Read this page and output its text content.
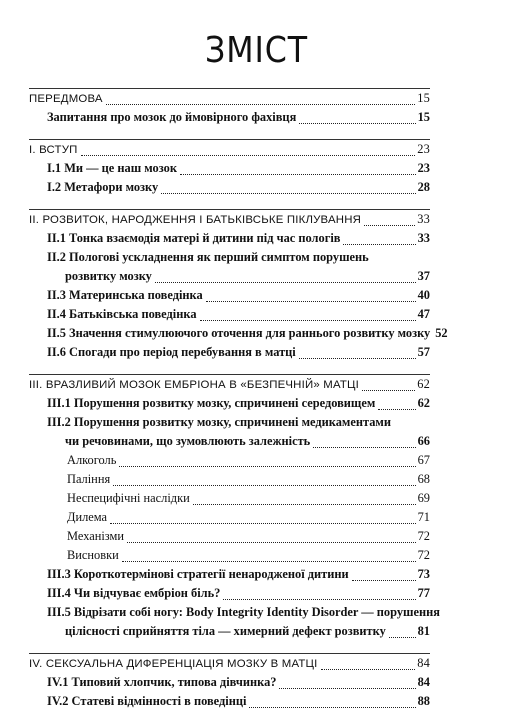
ЗМІСТ
ПЕРЕДМОВА	15
Запитання про мозок до ймовірного фахівця	15
I. ВСТУП	23
I.1 Ми — це наш мозок	23
I.2 Метафори мозку	28
II. РОЗВИТОК, НАРОДЖЕННЯ І БАТЬКІВСЬКЕ ПІКЛУВАННЯ	33
II.1 Тонка взаємодія матері й дитини під час пологів	33
II.2 Пологові ускладнення як перший симптом порушень
розвитку мозку	37
II.3 Материнська поведінка	40
II.4 Батьківська поведінка	47
II.5 Значення стимулюючого оточення для раннього розвитку мозку 52
II.6 Спогади про період перебування в матці	57
III. ВРАЗЛИВИЙ МОЗОК ЕМБРІОНА В «БЕЗПЕЧНІЙ» МАТЦІ	62
III.1 Порушення розвитку мозку, спричинені середовищем	62
III.2 Порушення розвитку мозку, спричинені медикаментами
чи речовинами, що зумовлюють залежність	66
Алкоголь	67
Паління	68
Неспецифічні наслідки	69
Дилема	71
Механізми	72
Висновки	72
III.3 Короткотермінові стратегії ненародженої дитини	73
III.4 Чи відчуває ембріон біль?	77
III.5 Відрізати собі ногу: Body Integrity Identity Disorder — порушення
цілісності сприйняття тіла — химерний дефект розвитку	81
IV. СЕКСУАЛЬНА ДИФЕРЕНЦІАЦІЯ МОЗКУ В МАТЦІ	84
IV.1 Типовий хлопчик, типова дівчинка?	84
IV.2 Статеві відмінності в поведінці	88
